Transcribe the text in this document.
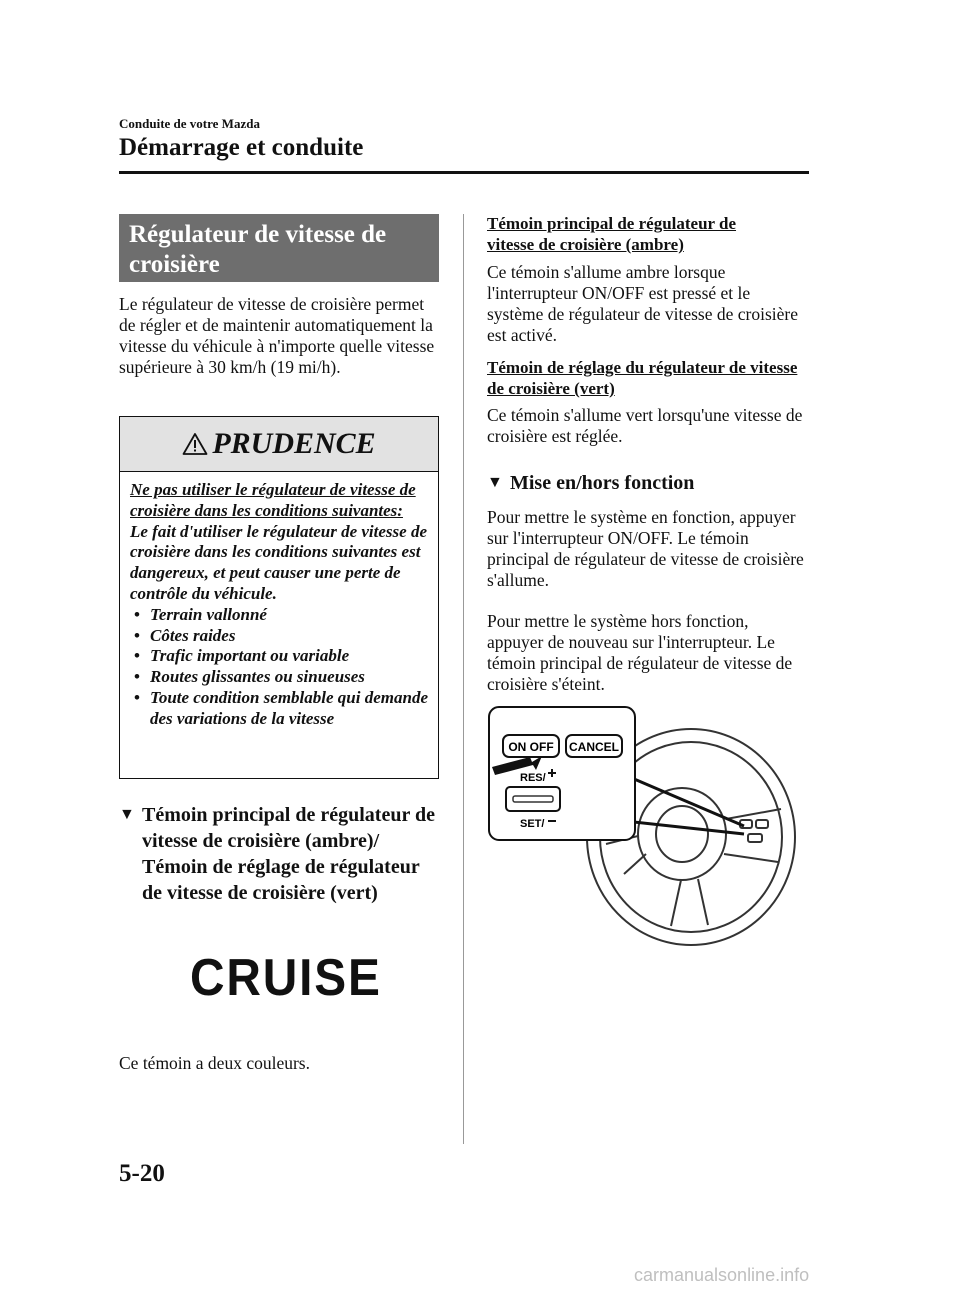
Conduite de votre Mazda
Démarrage et conduite
Régulateur de vitesse de
croisière

Le régulateur de vitesse de croisière permet de régler et de maintenir automatiquement la vitesse du véhicule à n'importe quelle vitesse supérieure à 30 km/h (19 mi/h).

PRUDENCE
Ne pas utiliser le régulateur de vitesse de croisière dans les conditions suivantes:
Le fait d'utiliser le régulateur de vitesse de croisière dans les conditions suivantes est dangereux, et peut causer une perte de contrôle du véhicule.
• Terrain vallonné
• Côtes raides
• Trafic important ou variable
• Routes glissantes ou sinueuses
• Toute condition semblable qui demande des variations de la vitesse
▼ Témoin principal de régulateur de vitesse de croisière (ambre)/ Témoin de réglage de régulateur de vitesse de croisière (vert)
CRUISE

Ce témoin a deux couleurs.

Témoin principal de régulateur de vitesse de croisière (ambre)

Ce témoin s'allume ambre lorsque l'interrupteur ON/OFF est pressé et le système de régulateur de vitesse de croisière est activé.

Témoin de réglage du régulateur de vitesse de croisière (vert)

Ce témoin s'allume vert lorsqu'une vitesse de croisière est réglée.

▼ Mise en/hors fonction

Pour mettre le système en fonction, appuyer sur l'interrupteur ON/OFF. Le témoin principal de régulateur de vitesse de croisière s'allume.

Pour mettre le système hors fonction, appuyer de nouveau sur l'interrupteur. Le témoin principal de régulateur de vitesse de croisière s'éteint.

ON OFF CANCEL
RES/
SET/
5-20
carmanualsonline.info
